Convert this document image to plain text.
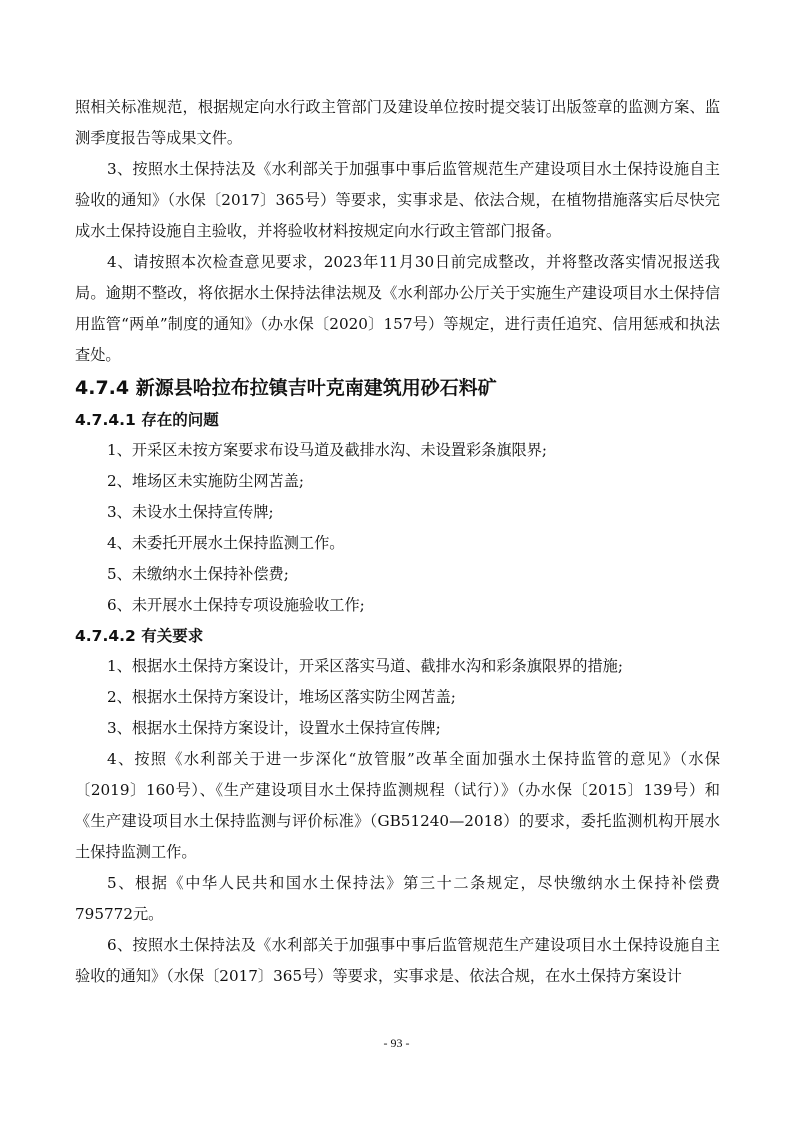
照相关标准规范，根据规定向水行政主管部门及建设单位按时提交装订出版签章的监测方案、监测季度报告等成果文件。

3、按照水土保持法及《水利部关于加强事中事后监管规范生产建设项目水土保持设施自主验收的通知》（水保〔2017〕365号）等要求，实事求是、依法合规，在植物措施落实后尽快完成水土保持设施自主验收，并将验收材料按规定向水行政主管部门报备。

4、请按照本次检查意见要求，2023年11月30日前完成整改，并将整改落实情况报送我局。逾期不整改，将依据水土保持法律法规及《水利部办公厅关于实施生产建设项目水土保持信用监管“两单”制度的通知》（办水保〔2020〕157号）等规定，进行责任追究、信用惩戒和执法查处。

4.7.4 新源县哈拉布拉镇吉叶克南建筑用砂石料矿
4.7.4.1 存在的问题

1、开采区未按方案要求布设马道及截排水沟、未设置彩条旗限界;

2、堆场区未实施防尘网苫盖;

3、未设水土保持宣传牌;

4、未委托开展水土保持监测工作。

5、未缴纳水土保持补偿费;

6、未开展水土保持专项设施验收工作;

4.7.4.2 有关要求

1、根据水土保持方案设计，开采区落实马道、截排水沟和彩条旗限界的措施;

2、根据水土保持方案设计，堆场区落实防尘网苫盖;

3、根据水土保持方案设计，设置水土保持宣传牌;

4、按照《水利部关于进一步深化“放管服”改革全面加强水土保持监管的意见》（水保〔2019〕160号）、《生产建设项目水土保持监测规程（试行）》（办水保〔2015〕139号）和《生产建设项目水土保持监测与评价标准》（GB51240—2018）的要求，委托监测机构开展水土保持监测工作。

5、根据《中华人民共和国水土保持法》第三十二条规定，尽快缴纳水土保持补偿费795772元。

6、按照水土保持法及《水利部关于加强事中事后监管规范生产建设项目水土保持设施自主验收的通知》（水保〔2017〕365号）等要求，实事求是、依法合规，在水土保持方案设计

- 93 -
